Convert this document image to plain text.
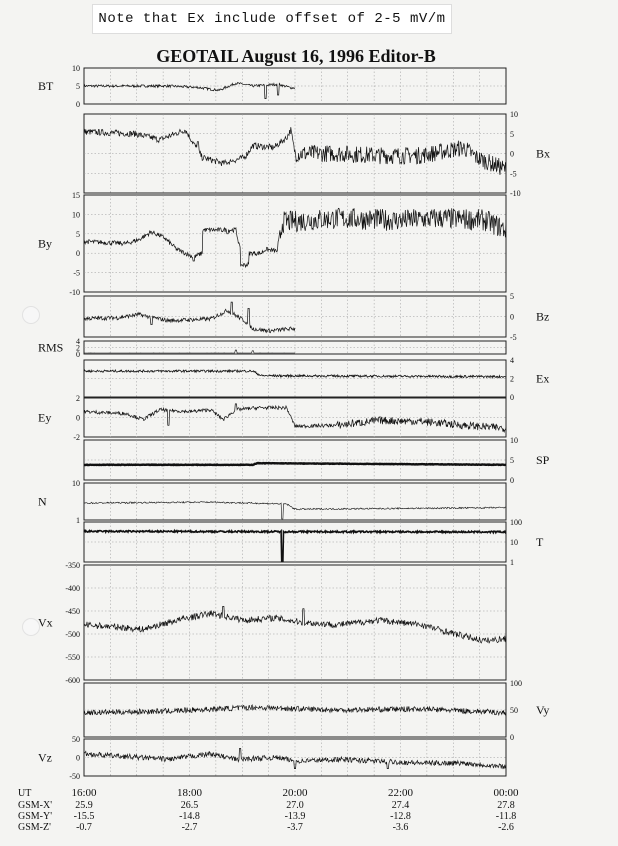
Note that Ex include offset of 2-5 mV/m
GEOTAIL August 16, 1996 Editor-B
10
5
0
BT
10
5
0
-5
-10
Bx
15
10
5
0
-5
-10
By
5
0
-5
Bz
4
2
0
RMS
4
2
0
Ex
2
0
-2
Ey
10
5
0
SP
10
1
N
100
10
1
T
-350
-400
-450
-500
-550
-600
Vx
100
50
0
Vy
50
0
-50
Vz
UT
GSM-X'
GSM-Y'
GSM-Z'
16:00
25.9
-15.5
-0.7
18:00
26.5
-14.8
-2.7
20:00
27.0
-13.9
-3.7
22:00
27.4
-12.8
-3.6
00:00
27.8
-11.8
-2.6
